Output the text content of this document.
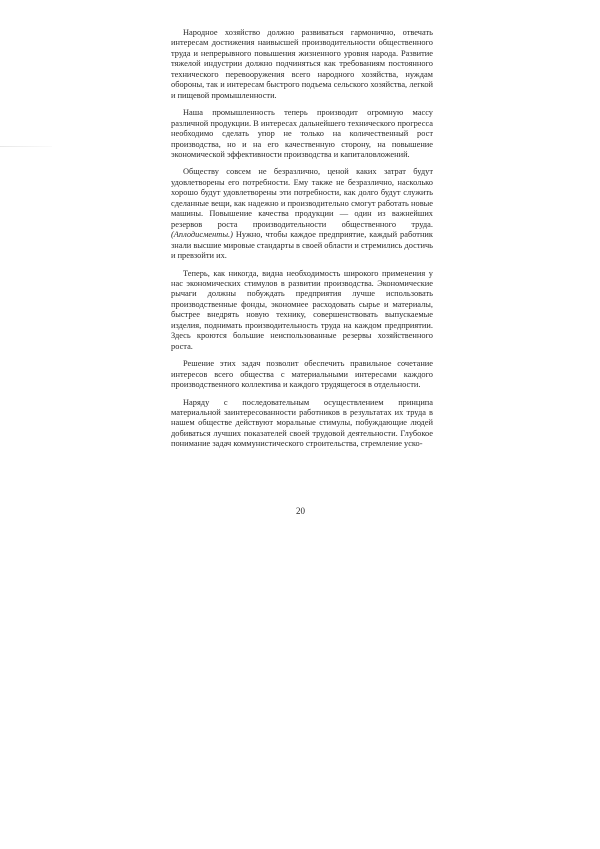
Народное хозяйство должно развиваться гармонично, отвечать интересам достижения наивысшей производительности общественного труда и непрерывного повышения жизненного уровня народа. Развитие тяжелой индустрии должно подчиняться как требованиям постоянного технического перевооружения всего народного хозяйства, нуждам обороны, так и интересам быстрого подъема сельского хозяйства, легкой и пищевой промышленности.

Наша промышленность теперь производит огромную массу различной продукции. В интересах дальнейшего технического прогресса необходимо сделать упор не только на количественный рост производства, но и на его качественную сторону, на повышение экономической эффективности производства и капиталовложений.

Обществу совсем не безразлично, ценой каких затрат будут удовлетворены его потребности. Ему также не безразлично, насколько хорошо будут удовлетворены эти потребности, как долго будут служить сделанные вещи, как надежно и производительно смогут работать новые машины. Повышение качества продукции — один из важнейших резервов роста производительности общественного труда. (Аплодисменты.) Нужно, чтобы каждое предприятие, каждый работник знали высшие мировые стандарты в своей области и стремились достичь и превзойти их.

Теперь, как никогда, видна необходимость широкого применения у нас экономических стимулов в развитии производства. Экономические рычаги должны побуждать предприятия лучше использовать производственные фонды, экономнее расходовать сырье и материалы, быстрее внедрять новую технику, совершенствовать выпускаемые изделия, поднимать производительность труда на каждом предприятии. Здесь кроются большие неиспользованные резервы хозяйственного роста.

Решение этих задач позволит обеспечить правильное сочетание интересов всего общества с материальными интересами каждого производственного коллектива и каждого трудящегося в отдельности.

Наряду с последовательным осуществлением принципа материальной заинтересованности работников в результатах их труда в нашем обществе действуют моральные стимулы, побуждающие людей добиваться лучших показателей своей трудовой деятельности. Глубокое понимание задач коммунистического строительства, стремление уско-

20
